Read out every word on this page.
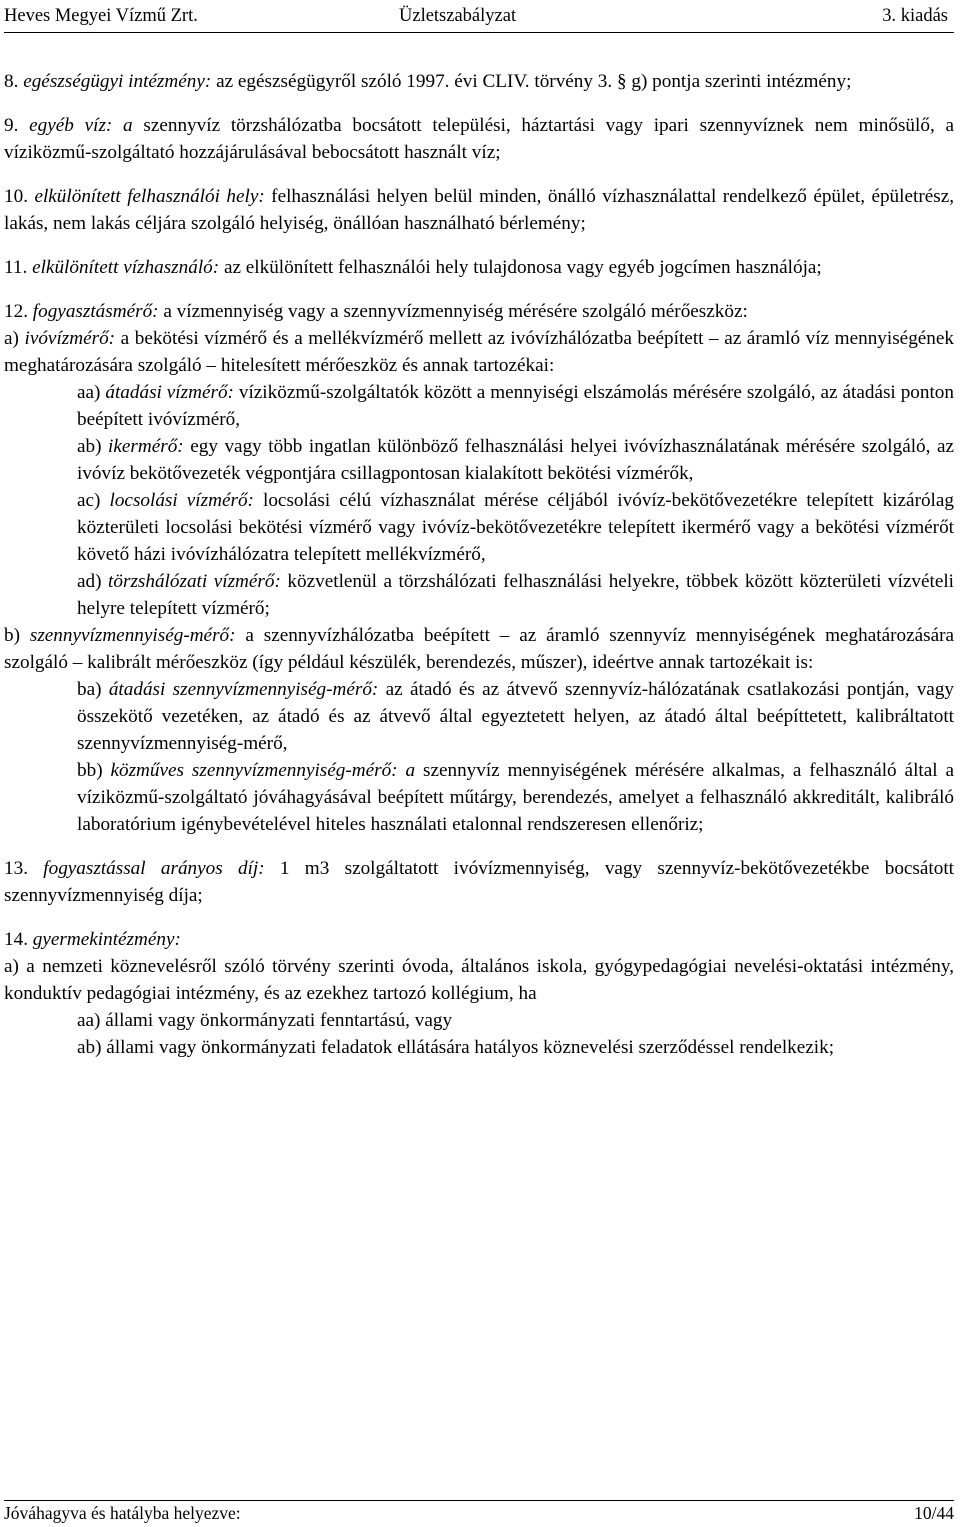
Heves Megyei Vízmű Zrt.	Üzletszabályzat	3. kiadás

8. egészségügyi intézmény: az egészségügyről szóló 1997. évi CLIV. törvény 3. § g) pontja szerinti intézmény;

9. egyéb víz: a szennyvíz törzshálózatba bocsátott települési, háztartási vagy ipari szennyvíznek nem minősülő, a víziközmű-szolgáltató hozzájárulásával bebocsátott használt víz;

10. elkülönített felhasználói hely: felhasználási helyen belül minden, önálló vízhasználattal rendelkező épület, épületrész, lakás, nem lakás céljára szolgáló helyiség, önállóan használható bérlemény;

11. elkülönített vízhasználó: az elkülönített felhasználói hely tulajdonosa vagy egyéb jogcímen használója;

12. fogyasztásmérő: a vízmennyiség vagy a szennyvízmennyiség mérésére szolgáló mérőeszköz:

a) ivóvízmérő: a bekötési vízmérő és a mellékvízmérő mellett az ivóvízhálózatba beépített – az áramló víz mennyiségének meghatározására szolgáló – hitelesített mérőeszköz és annak tartozékai:

aa) átadási vízmérő: víziközmű-szolgáltatók között a mennyiségi elszámolás mérésére szolgáló, az átadási ponton beépített ivóvízmérő,

ab) ikermérő: egy vagy több ingatlan különböző felhasználási helyei ivóvízhasználatának mérésére szolgáló, az ivóvíz bekötővezeték végpontjára csillagpontosan kialakított bekötési vízmérők,

ac) locsolási vízmérő: locsolási célú vízhasználat mérése céljából ivóvíz-bekötővezetékre telepített kizárólag közterületi locsolási bekötési vízmérő vagy ivóvíz-bekötővezetékre telepített ikermérő vagy a bekötési vízmérőt követő házi ivóvízhálózatra telepített mellékvízmérő,

ad) törzshálózati vízmérő: közvetlenül a törzshálózati felhasználási helyekre, többek között közterületi vízvételi helyre telepített vízmérő;

b) szennyvízmennyiség-mérő: a szennyvízhálózatba beépített – az áramló szennyvíz mennyiségének meghatározására szolgáló – kalibrált mérőeszköz (így például készülék, berendezés, műszer), ideértve annak tartozékait is:

ba) átadási szennyvízmennyiség-mérő: az átadó és az átvevő szennyvíz-hálózatának csatlakozási pontján, vagy összekötő vezetéken, az átadó és az átvevő által egyeztetett helyen, az átadó által beépíttetett, kalibráltatott szennyvízmennyiség-mérő,

bb) közműves szennyvízmennyiség-mérő: a szennyvíz mennyiségének mérésére alkalmas, a felhasználó által a víziközmű-szolgáltató jóváhagyásával beépített műtárgy, berendezés, amelyet a felhasználó akkreditált, kalibráló laboratórium igénybevételével hiteles használati etalonnal rendszeresen ellenőriz;

13. fogyasztással arányos díj: 1 m3 szolgáltatott ivóvízmennyiség, vagy szennyvíz-bekötővezetékbe bocsátott szennyvízmennyiség díja;

14. gyermekintézmény:

a) a nemzeti köznevelésről szóló törvény szerinti óvoda, általános iskola, gyógypedagógiai nevelési-oktatási intézmény, konduktív pedagógiai intézmény, és az ezekhez tartozó kollégium, ha

aa) állami vagy önkormányzati fenntartású, vagy

ab) állami vagy önkormányzati feladatok ellátására hatályos köznevelési szerződéssel rendelkezik;

Jóváhagyva és hatályba helyezve:	10/44
